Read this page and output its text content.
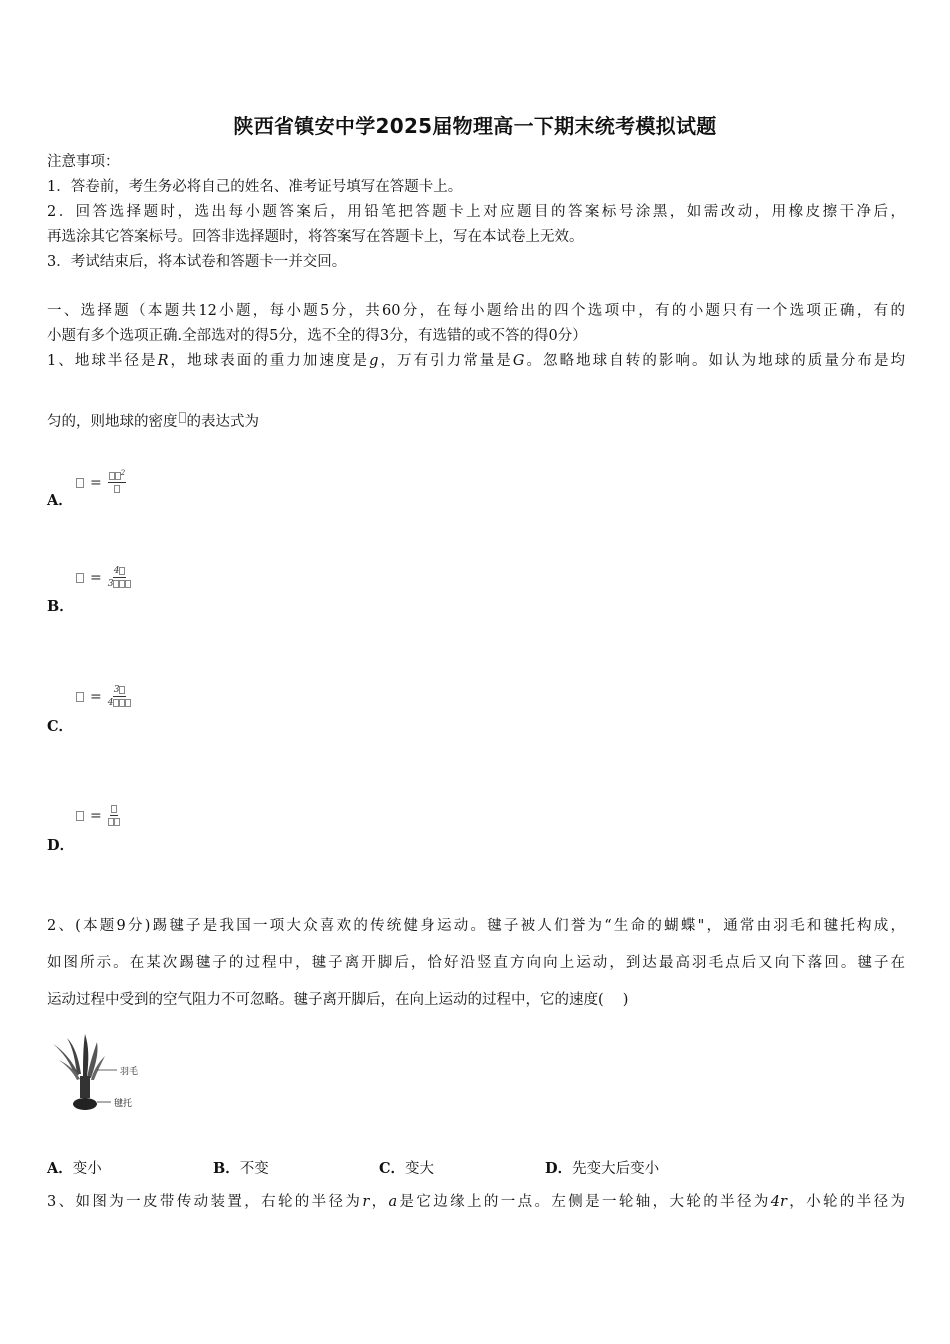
陕西省镇安中学2025届物理高一下期末统考模拟试题
注意事项：
1．答卷前，考生务必将自己的姓名、准考证号填写在答题卡上。
2．回答选择题时，选出每小题答案后，用铅笔把答题卡上对应题目的答案标号涂黑，如需改动，用橡皮擦干净后，
再选涂其它答案标号。回答非选择题时，将答案写在答题卡上，写在本试卷上无效。
3．考试结束后，将本试卷和答题卡一并交回。
一、选择题（本题共12小题，每小题5分，共60分，在每小题给出的四个选项中，有的小题只有一个选项正确，有的
小题有多个选项正确.全部选对的得5分，选不全的得3分，有选错的或不答的得0分）
1、地球半径是R，地球表面的重力加速度是g，万有引力常量是G。忽略地球自转的影响。如认为地球的质量分布是均
匀的，则地球的密度 的表达式为
=
$^2$
A．
= $\frac{4}{3}$
B．
= $\frac{3}{4}$
C．
=
D．
2、(本题9分)踢毽子是我国一项大众喜欢的传统健身运动。毽子被人们誉为“生命的蝴蝶"，通常由羽毛和毽托构成，
如图所示。在某次踢毽子的过程中，毽子离开脚后，恰好沿竖直方向向上运动，到达最高羽毛点后又向下落回。毽子在
运动过程中受到的空气阻力不可忽略。毽子离开脚后，在向上运动的过程中，它的速度(　 )
羽毛
毽托
A．变小	B．不变	C．变大	D．先变大后变小
3、如图为一皮带传动装置，右轮的半径为r，a是它边缘上的一点。左侧是一轮轴，大轮的半径为4r，小轮的半径为
